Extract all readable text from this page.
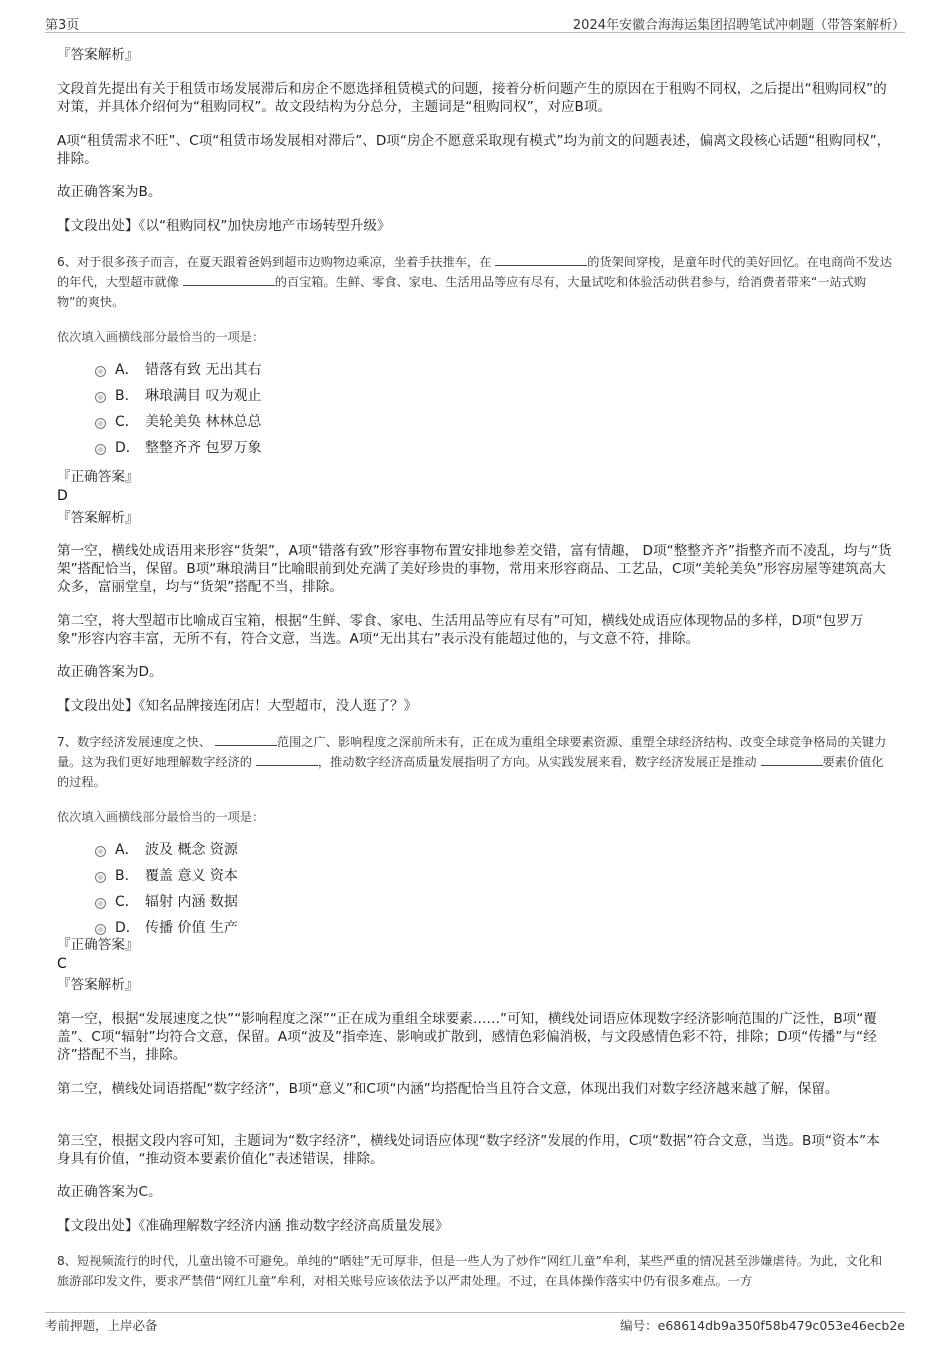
第3页	2024年安徽合海海运集团招聘笔试冲刺题（带答案解析）
『答案解析』
文段首先提出有关于租赁市场发展滞后和房企不愿选择租赁模式的问题，接着分析问题产生的原因在于租购不同权，之后提出“租购同权”的对策，并具体介绍何为“租购同权”。故文段结构为分总分，主题词是“租购同权”，对应B项。
A项“租赁需求不旺”、C项“租赁市场发展相对滞后”、D项“房企不愿意采取现有模式”均为前文的问题表述，偏离文段核心话题“租购同权”，排除。
故正确答案为B。
【文段出处】《以“租购同权”加快房地产市场转型升级》
6、对于很多孩子而言，在夏天跟着爸妈到超市边购物边乘凉，坐着手扶推车，在	的货架间穿梭，是童年时代的美好回忆。在电商尚不发达的年代，大型超市就像	的百宝箱。生鲜、零食、家电、生活用品等应有尽有，大量试吃和体验活动供君参与，给消费者带来“一站式购物”的爽快。
依次填入画横线部分最恰当的一项是：
A． 错落有致 无出其右
B． 琳琅满目 叹为观止
C． 美轮美奂 林林总总
D． 整整齐齐 包罗万象
『正确答案』
D
『答案解析』
第一空，横线处成语用来形容“货架”，A项“错落有致”形容事物布置安排地参差交错，富有情趣， D项“整整齐齐”指整齐而不凌乱，均与“货架”搭配恰当，保留。B项“琳琅满目”比喻眼前到处充满了美好珍贵的事物，常用来形容商品、工艺品，C项“美轮美奂”形容房屋等建筑高大众多，富丽堂皇，均与“货架”搭配不当，排除。
第二空，将大型超市比喻成百宝箱，根据“生鲜、零食、家电、生活用品等应有尽有”可知，横线处成语应体现物品的多样，D项“包罗万象”形容内容丰富，无所不有，符合文意，当选。A项“无出其右”表示没有能超过他的，与文意不符，排除。
故正确答案为D。
【文段出处】《知名品牌接连闭店！大型超市，没人逛了？》
7、数字经济发展速度之快、	范围之广、影响程度之深前所未有，正在成为重组全球要素资源、重塑全球经济结构、改变全球竞争格局的关键力量。这为我们更好地理解数字经济的	，推动数字经济高质量发展指明了方向。从实践发展来看，数字经济发展正是推动	要素价值化的过程。
依次填入画横线部分最恰当的一项是：
A． 波及 概念 资源
B． 覆盖 意义 资本
C． 辐射 内涵 数据
D． 传播 价值 生产
『正确答案』
C
『答案解析』
第一空，根据“发展速度之快”“影响程度之深”“正在成为重组全球要素……”可知，横线处词语应体现数字经济影响范围的广泛性，B项“覆盖”、C项“辐射”均符合文意，保留。A项“波及”指牵连、影响或扩散到，感情色彩偏消极，与文段感情色彩不符，排除；D项“传播”与“经济”搭配不当，排除。
第二空，横线处词语搭配“数字经济”，B项“意义”和C项“内涵”均搭配恰当且符合文意，体现出我们对数字经济越来越了解，保留。
第三空，根据文段内容可知，主题词为“数字经济”，横线处词语应体现“数字经济”发展的作用，C项“数据”符合文意，当选。B项“资本”本身具有价值，“推动资本要素价值化”表述错误，排除。
故正确答案为C。
【文段出处】《准确理解数字经济内涵 推动数字经济高质量发展》
8、短视频流行的时代，儿童出镜不可避免。单纯的“晒娃”无可厚非，但是一些人为了炒作“网红儿童”牟利，某些严重的情况甚至涉嫌虐待。为此，文化和旅游部印发文件，要求严禁借“网红儿童”牟利，对相关账号应该依法予以严肃处理。不过，在具体操作落实中仍有很多难点。一方
考前押题，上岸必备	编号：e68614db9a350f58b479c053e46ecb2e
